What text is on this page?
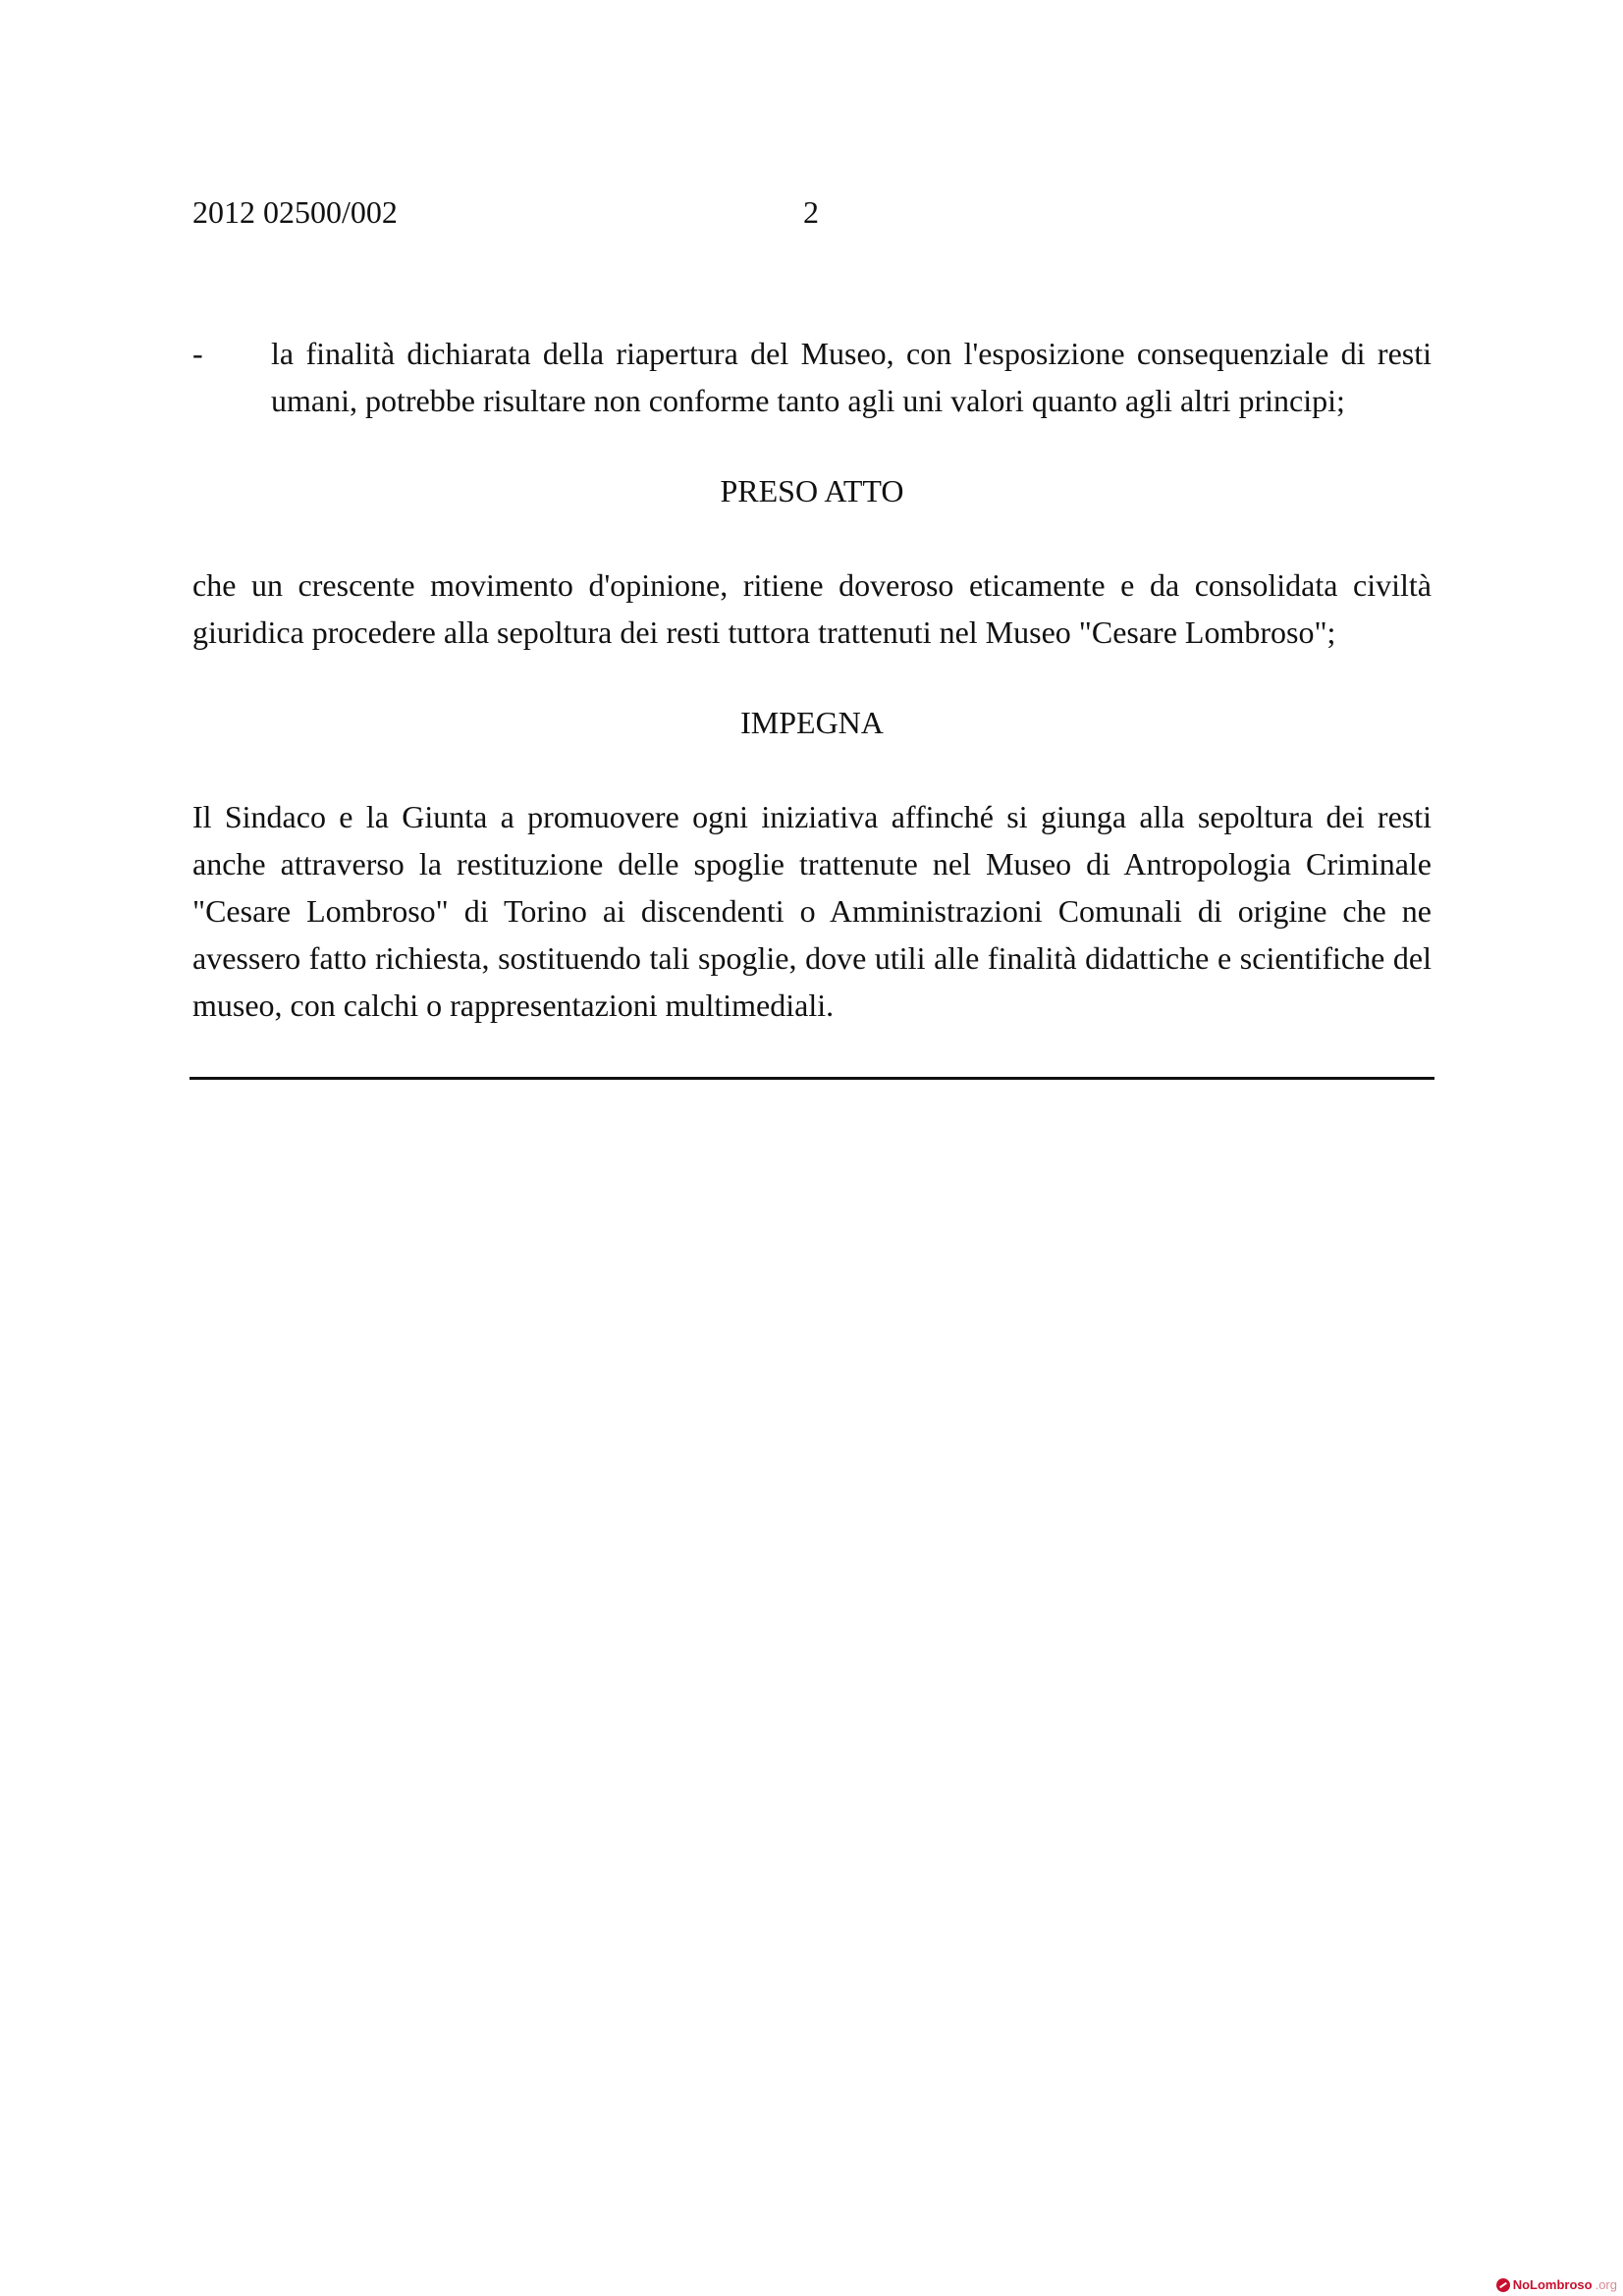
2012 02500/002	2
- la finalità dichiarata della riapertura del Museo, con l'esposizione consequenziale di resti umani, potrebbe risultare non conforme tanto agli uni valori quanto agli altri principi;
PRESO ATTO
che un crescente movimento d'opinione, ritiene doveroso eticamente e da consolidata civiltà giuridica procedere alla sepoltura dei resti tuttora trattenuti nel Museo "Cesare Lombroso";
IMPEGNA
Il Sindaco e la Giunta a promuovere ogni iniziativa affinché si giunga alla sepoltura dei resti anche attraverso la restituzione delle spoglie trattenute nel Museo di Antropologia Criminale "Cesare Lombroso" di Torino ai discendenti o Amministrazioni Comunali di origine che ne avessero fatto richiesta, sostituendo tali spoglie, dove utili alle finalità didattiche e scientifiche del museo, con calchi o rappresentazioni multimediali.
NoLombroso .org
